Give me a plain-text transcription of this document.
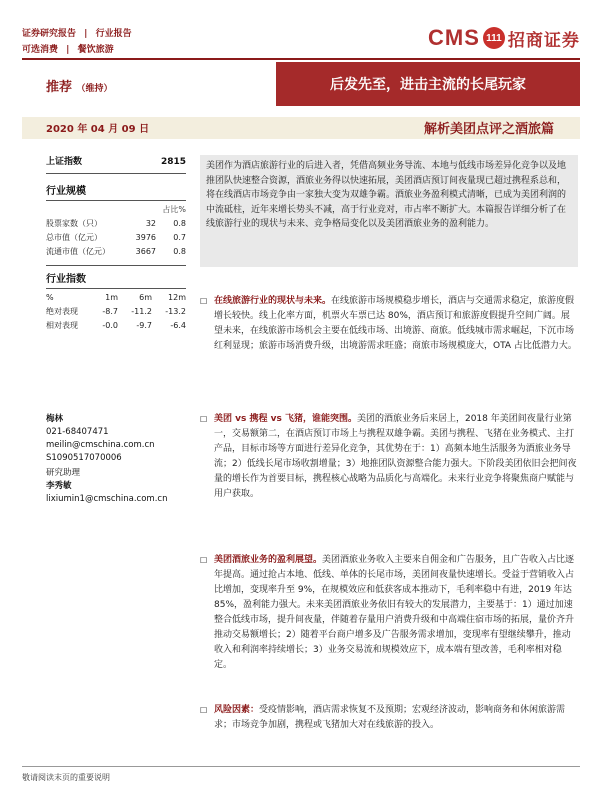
证券研究报告 | 行业报告
可选消费 | 餐饮旅游	CMS 111 招商证券
推荐 （维持）	后发先至，进击主流的长尾玩家
2020 年 04 月 09 日	解析美团点评之酒旅篇
上证指数	2815
行业规模
占比%
股票家数（只）	32	0.8
总市值（亿元）	3976	0.7
流通市值（亿元）	3667	0.8
行业指数
%	1m	6m	12m
绝对表现	-8.7	-11.2	-13.2
相对表现	-0.0	-9.7	-6.4
梅林
021-68407471
meilin@cmschina.com.cn
S1090517070006
研究助理
李秀敏
lixiumin1@cmschina.com.cn
美团作为酒店旅游行业的后进入者，凭借高频业务导流、本地与低线市场差异化竞争以及地推团队快速整合资源，酒旅业务得以快速拓展，美团酒店预订间夜量现已超过携程系总和，将在线酒店市场竞争由一家独大变为双雄争霸。酒旅业务盈利模式清晰，已成为美团利润的中流砥柱，近年来增长势头不减，高于行业竞对，市占率不断扩大。本篇报告详细分析了在线旅游行业的现状与未来、竞争格局变化以及美团酒旅业务的盈利能力。
☐ 在线旅游行业的现状与未来。在线旅游市场规模稳步增长，酒店与交通需求稳定，旅游度假增长较快。线上化率方面，机票火车票已达 80%，酒店预订和旅游度假提升空间广阔。展望未来，在线旅游市场机会主要在低线市场、出境游、商旅。低线城市需求崛起，下沉市场红利显现；旅游市场消费升级，出境游需求旺盛；商旅市场规模庞大，OTA 占比低潜力大。
☐ 美团 vs 携程 vs 飞猪，谁能突围。美团的酒旅业务后来居上，2018 年美团间夜量行业第一，交易额第二，在酒店预订市场上与携程双雄争霸。美团与携程、飞猪在业务模式、主打产品，目标市场等方面进行差异化竞争，其优势在于：1）高频本地生活服务为酒旅业务导流；2）低线长尾市场收割增量；3）地推团队资源整合能力强大。下阶段美团依旧会把间夜量的增长作为首要目标，携程核心战略为品质化与高端化。未来行业竞争将聚焦商户赋能与用户获取。
☐ 美团酒旅业务的盈利展望。美团酒旅业务收入主要来自佣金和广告服务，且广告收入占比逐年提高。通过抢占本地、低线、单体的长尾市场，美团间夜量快速增长。受益于营销收入占比增加，变现率升至 9%，在规模效应和低获客成本推动下，毛利率稳中有进，2019 年达 85%，盈利能力强大。未来美团酒旅业务依旧有较大的发展潜力，主要基于：1）通过加速整合低线市场，提升间夜量，伴随着存量用户消费升级和中高端住宿市场的拓展，量价齐升推动交易额增长；2）随着平台商户增多及广告服务需求增加，变现率有望继续攀升，推动收入和利润率持续增长；3）业务交易流和规模效应下，成本端有望改善，毛利率相对稳定。
☐ 风险因素：受疫情影响，酒店需求恢复不及预期；宏观经济波动，影响商务和休闲旅游需求；市场竞争加剧，携程或飞猪加大对在线旅游的投入。
敬请阅读末页的重要说明
